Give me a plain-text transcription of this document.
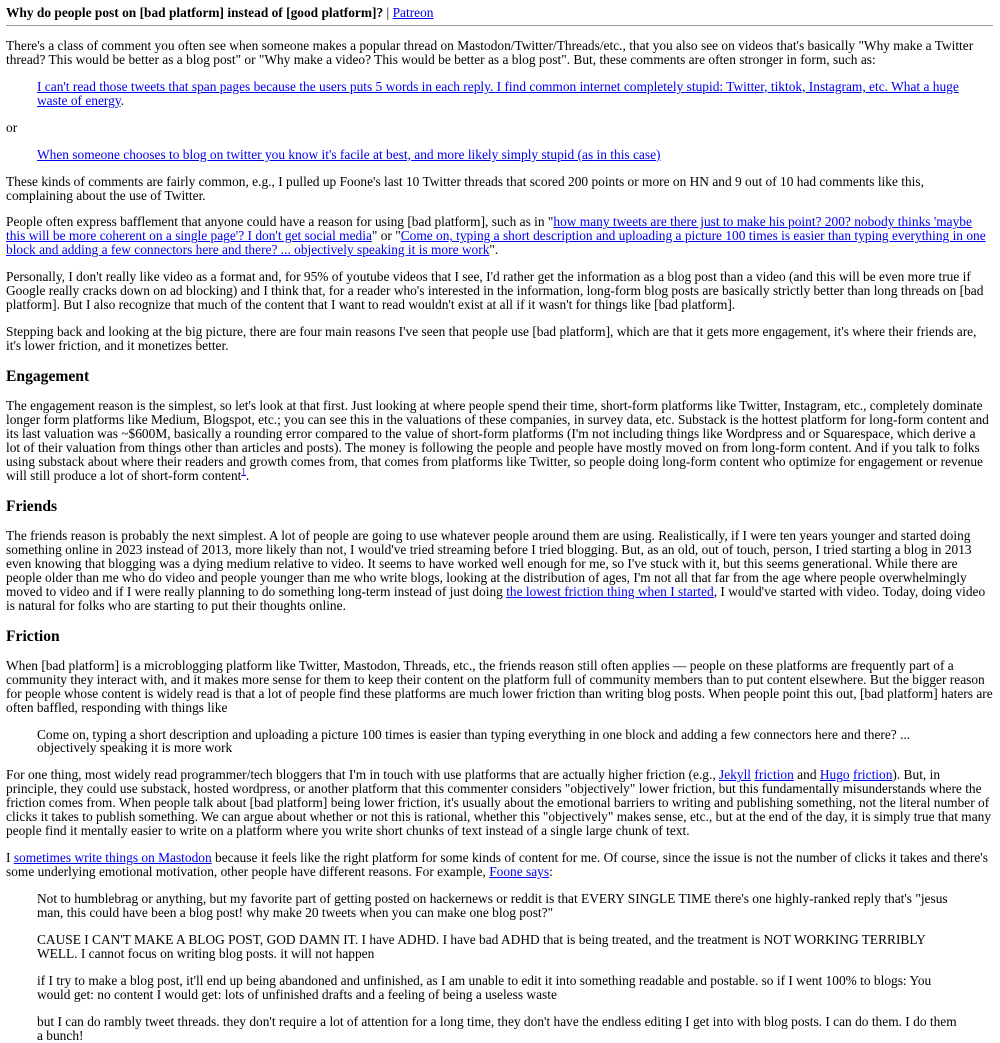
Why do people post on [bad platform] instead of [good platform]? | Patreon

There's a class of comment you often see when someone makes a popular thread on Mastodon/Twitter/Threads/etc., that you also see on videos that's basically "Why make a Twitter thread? This would be better as a blog post" or "Why make a video? This would be better as a blog post". But, these comments are often stronger in form, such as:

I can't read those tweets that span pages because the users puts 5 words in each reply. I find common internet completely stupid: Twitter, tiktok, Instagram, etc. What a huge waste of energy.

or

When someone chooses to blog on twitter you know it's facile at best, and more likely simply stupid (as in this case)

These kinds of comments are fairly common, e.g., I pulled up Foone's last 10 Twitter threads that scored 200 points or more on HN and 9 out of 10 had comments like this, complaining about the use of Twitter.

People often express bafflement that anyone could have a reason for using [bad platform], such as in "how many tweets are there just to make his point? 200? nobody thinks 'maybe this will be more coherent on a single page'? I don't get social media" or "Come on, typing a short description and uploading a picture 100 times is easier than typing everything in one block and adding a few connectors here and there? ... objectively speaking it is more work".

Personally, I don't really like video as a format and, for 95% of youtube videos that I see, I'd rather get the information as a blog post than a video (and this will be even more true if Google really cracks down on ad blocking) and I think that, for a reader who's interested in the information, long-form blog posts are basically strictly better than long threads on [bad platform]. But I also recognize that much of the content that I want to read wouldn't exist at all if it wasn't for things like [bad platform].

Stepping back and looking at the big picture, there are four main reasons I've seen that people use [bad platform], which are that it gets more engagement, it's where their friends are, it's lower friction, and it monetizes better.

Engagement

The engagement reason is the simplest, so let's look at that first. Just looking at where people spend their time, short-form platforms like Twitter, Instagram, etc., completely dominate longer form platforms like Medium, Blogspot, etc.; you can see this in the valuations of these companies, in survey data, etc. Substack is the hottest platform for long-form content and its last valuation was ~$600M, basically a rounding error compared to the value of short-form platforms (I'm not including things like Wordpress and or Squarespace, which derive a lot of their valuation from things other than articles and posts). The money is following the people and people have mostly moved on from long-form content. And if you talk to folks using substack about where their readers and growth comes from, that comes from platforms like Twitter, so people doing long-form content who optimize for engagement or revenue will still produce a lot of short-form content$^1$.

Friends

The friends reason is probably the next simplest. A lot of people are going to use whatever people around them are using. Realistically, if I were ten years younger and started doing something online in 2023 instead of 2013, more likely than not, I would've tried streaming before I tried blogging. But, as an old, out of touch, person, I tried starting a blog in 2013 even knowing that blogging was a dying medium relative to video. It seems to have worked well enough for me, so I've stuck with it, but this seems generational. While there are people older than me who do video and people younger than me who write blogs, looking at the distribution of ages, I'm not all that far from the age where people overwhelmingly moved to video and if I were really planning to do something long-term instead of just doing the lowest friction thing when I started, I would've started with video. Today, doing video is natural for folks who are starting to put their thoughts online.

Friction

When [bad platform] is a microblogging platform like Twitter, Mastodon, Threads, etc., the friends reason still often applies — people on these platforms are frequently part of a community they interact with, and it makes more sense for them to keep their content on the platform full of community members than to put content elsewhere. But the bigger reason for people whose content is widely read is that a lot of people find these platforms are much lower friction than writing blog posts. When people point this out, [bad platform] haters are often baffled, responding with things like

Come on, typing a short description and uploading a picture 100 times is easier than typing everything in one block and adding a few connectors here and there? ... objectively speaking it is more work

For one thing, most widely read programmer/tech bloggers that I'm in touch with use platforms that are actually higher friction (e.g., Jekyll friction and Hugo friction). But, in principle, they could use substack, hosted wordpress, or another platform that this commenter considers "objectively" lower friction, but this fundamentally misunderstands where the friction comes from. When people talk about [bad platform] being lower friction, it's usually about the emotional barriers to writing and publishing something, not the literal number of clicks it takes to publish something. We can argue about whether or not this is rational, whether this "objectively" makes sense, etc., but at the end of the day, it is simply true that many people find it mentally easier to write on a platform where you write short chunks of text instead of a single large chunk of text.

I sometimes write things on Mastodon because it feels like the right platform for some kinds of content for me. Of course, since the issue is not the number of clicks it takes and there's some underlying emotional motivation, other people have different reasons. For example, Foone says:

Not to humblebrag or anything, but my favorite part of getting posted on hackernews or reddit is that EVERY SINGLE TIME there's one highly-ranked reply that's "jesus man, this could have been a blog post! why make 20 tweets when you can make one blog post?"
CAUSE I CAN'T MAKE A BLOG POST, GOD DAMN IT. I have ADHD. I have bad ADHD that is being treated, and the treatment is NOT WORKING TERRIBLY WELL. I cannot focus on writing blog posts. it will not happen
if I try to make a blog post, it'll end up being abandoned and unfinished, as I am unable to edit it into something readable and postable. so if I went 100% to blogs: You would get: no content I would get: lots of unfinished drafts and a feeling of being a useless waste
but I can do rambly tweet threads. they don't require a lot of attention for a long time, they don't have the endless editing I get into with blog posts. I can do them. I do them a bunch!
